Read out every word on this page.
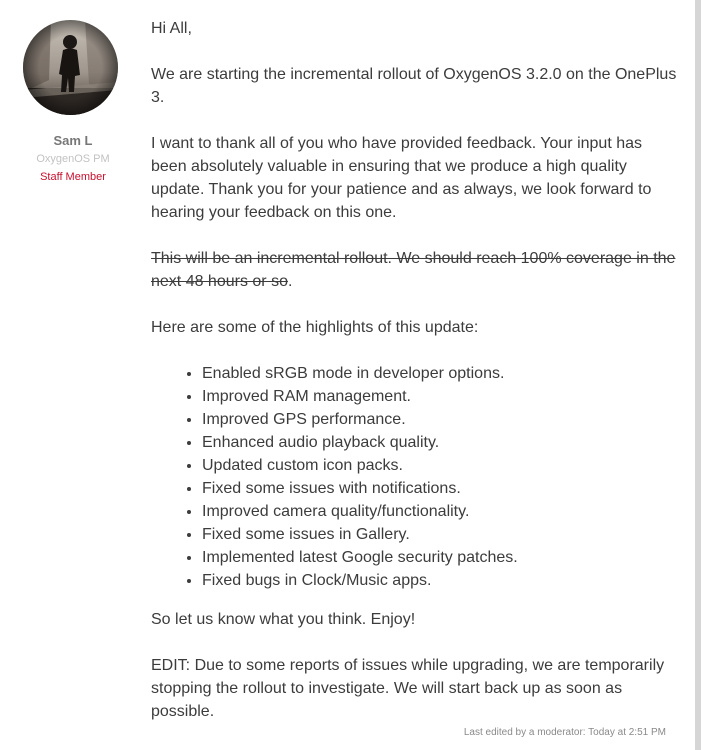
Sam L
OxygenOS PM
Staff Member

Hi All,

We are starting the incremental rollout of OxygenOS 3.2.0 on the OnePlus 3.

I want to thank all of you who have provided feedback. Your input has been absolutely valuable in ensuring that we produce a high quality update. Thank you for your patience and as always, we look forward to hearing your feedback on this one.

This will be an incremental rollout. We should reach 100% coverage in the next 48 hours or so.

Here are some of the highlights of this update:

• Enabled sRGB mode in developer options.
• Improved RAM management.
• Improved GPS performance.
• Enhanced audio playback quality.
• Updated custom icon packs.
• Fixed some issues with notifications.
• Improved camera quality/functionality.
• Fixed some issues in Gallery.
• Implemented latest Google security patches.
• Fixed bugs in Clock/Music apps.

So let us know what you think. Enjoy!

EDIT: Due to some reports of issues while upgrading, we are temporarily stopping the rollout to investigate. We will start back up as soon as possible.

Last edited by a moderator: Today at 2:51 PM
